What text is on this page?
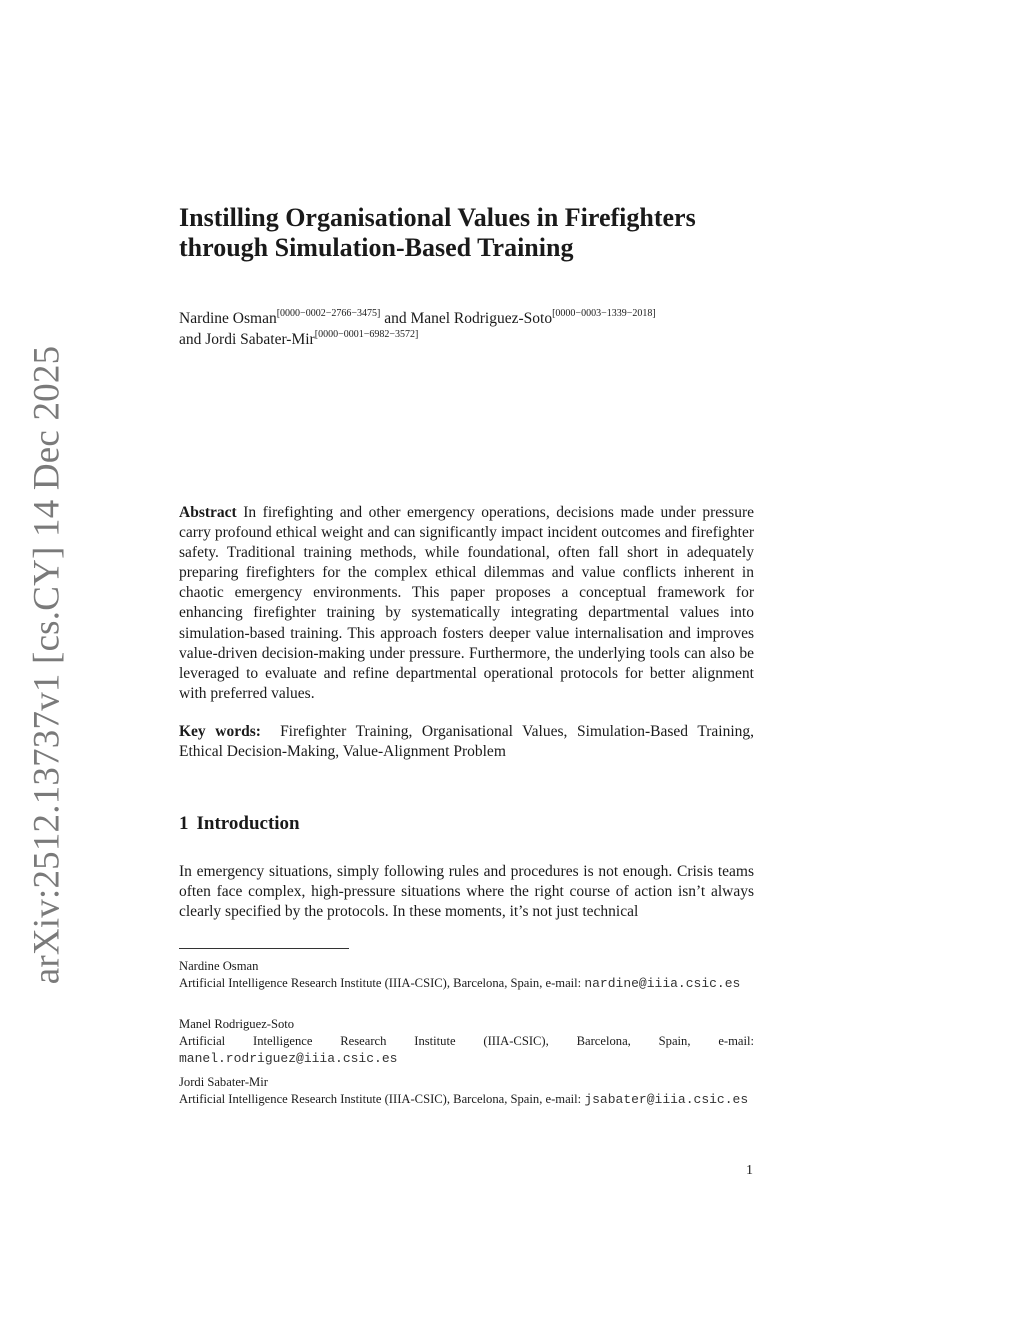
arXiv:2512.13737v1 [cs.CY] 14 Dec 2025
Instilling Organisational Values in Firefighters
through Simulation-Based Training
Nardine Osman[0000−0002−2766−3475] and Manel Rodriguez-Soto[0000−0003−1339−2018]
and Jordi Sabater-Mir[0000−0001−6982−3572]

Abstract In firefighting and other emergency operations, decisions made under pressure carry profound ethical weight and can significantly impact incident outcomes and firefighter safety. Traditional training methods, while foundational, often fall short in adequately preparing firefighters for the complex ethical dilemmas and value conflicts inherent in chaotic emergency environments. This paper proposes a conceptual framework for enhancing firefighter training by systematically integrating departmental values into simulation-based training. This approach fosters deeper value internalisation and improves value-driven decision-making under pressure. Furthermore, the underlying tools can also be leveraged to evaluate and refine departmental operational protocols for better alignment with preferred values.

Key words: Firefighter Training, Organisational Values, Simulation-Based Training, Ethical Decision-Making, Value-Alignment Problem

1 Introduction

In emergency situations, simply following rules and procedures is not enough. Crisis teams often face complex, high-pressure situations where the right course of action isn’t always clearly specified by the protocols. In these moments, it’s not just technical

Nardine Osman
Artificial Intelligence Research Institute (IIIA-CSIC), Barcelona, Spain, e-mail: nardine@iiia.csic.es
Manel Rodriguez-Soto
Artificial Intelligence Research Institute (IIIA-CSIC), Barcelona, Spain, e-mail: manel.rodriguez@iiia.csic.es
Jordi Sabater-Mir
Artificial Intelligence Research Institute (IIIA-CSIC), Barcelona, Spain, e-mail: jsabater@iiia.csic.es
1
